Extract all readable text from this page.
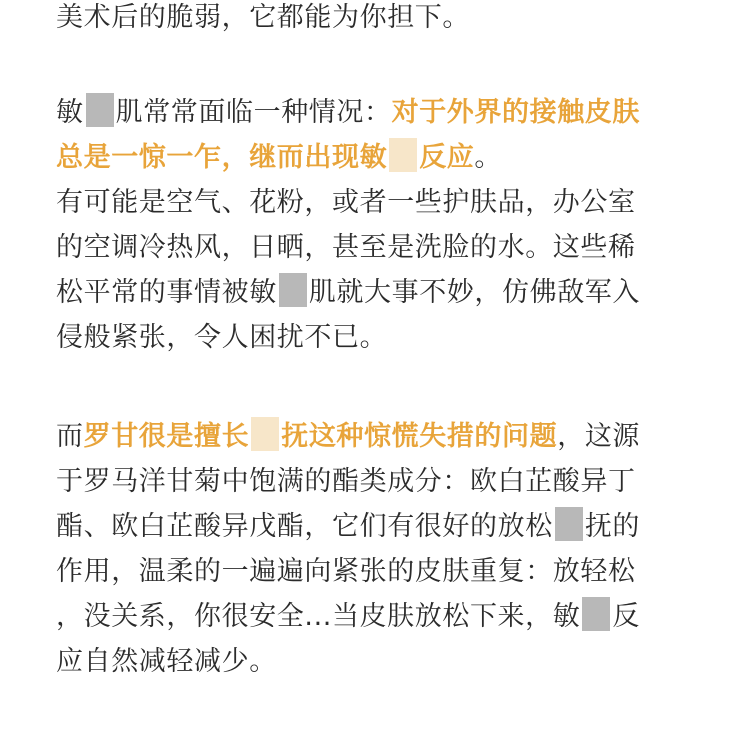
美术后的脆弱，它都能为你担下。
敏 肌常常面临一种情况：对于外界的接触皮肤
总是一惊一乍，继而出现敏 反应。
有可能是空气、花粉，或者一些护肤品，办公室
的空调冷热风，日晒，甚至是洗脸的水。这些稀
松平常的事情被敏 肌就大事不妙，仿佛敌军入
侵般紧张，令人困扰不已。
而罗甘很是擅长 抚这种惊慌失措的问题，这源
于罗马洋甘菊中饱满的酯类成分：欧白芷酸异丁
酯、欧白芷酸异戊酯，它们有很好的放松 抚的
作用，温柔的一遍遍向紧张的皮肤重复：放轻松
，没关系，你很安全...当皮肤放松下来，敏 反
应自然减轻减少。
